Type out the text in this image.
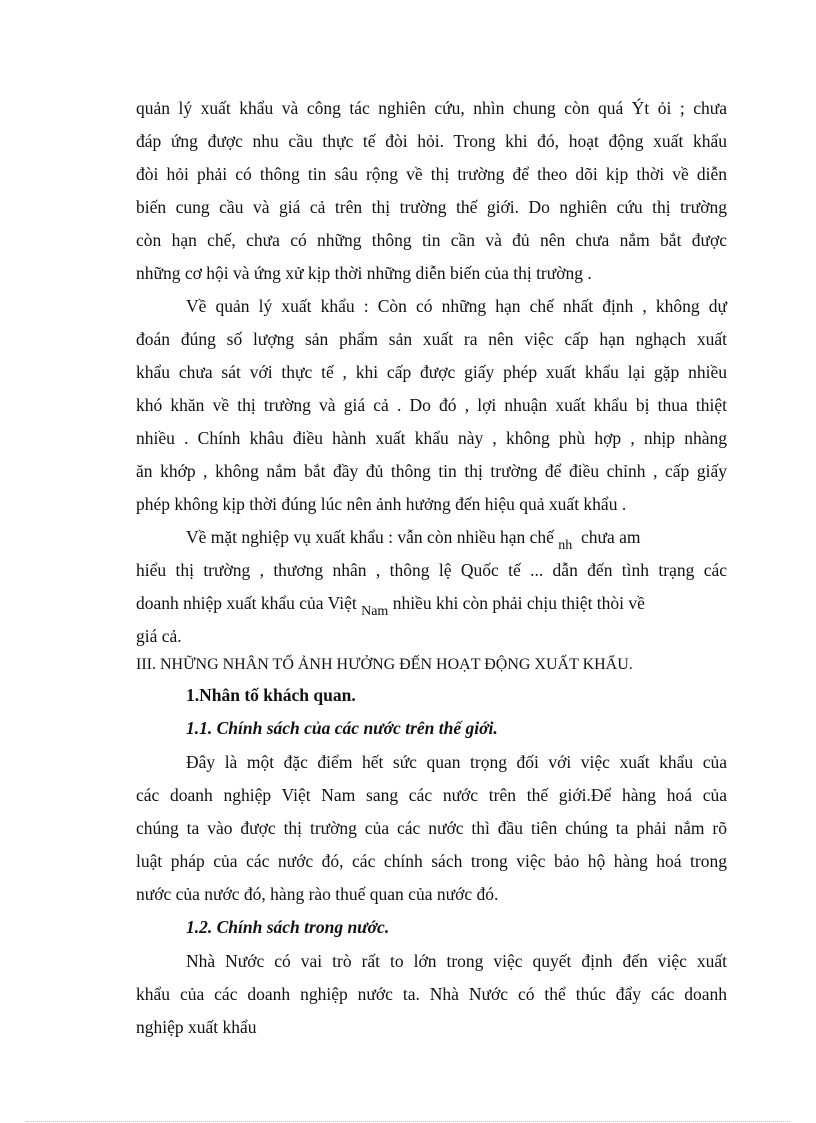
quản lý xuất khẩu và công tác nghiên cứu, nhìn chung còn quá Ýt ỏi ; chưa

đáp ứng được nhu cầu thực tế đòi hỏi. Trong khi đó, hoạt động xuất khẩu

đòi hỏi phải có thông tin sâu rộng về thị trường để theo dõi kịp thời về diễn

biến cung cầu và giá cả trên thị trường thế giới. Do nghiên cứu thị trường

còn hạn chế, chưa có những thông tin cần và đủ nên chưa nắm bắt được

những cơ hội và ứng xử kịp thời những diễn biến của thị trường .

Về quản lý xuất khẩu : Còn có những hạn chế nhất định , không dự

đoán đúng số lượng sản phẩm sản xuất ra nên việc cấp hạn nghạch xuất

khẩu chưa sát với thực tế , khi cấp được giấy phép xuất khẩu lại gặp nhiều

khó khăn về thị trường và giá cả . Do đó , lợi nhuận xuất khẩu bị thua thiệt

nhiều . Chính khâu điều hành xuất khẩu này , không phù hợp , nhịp nhàng

ăn khớp , không nắm bắt đầy đủ thông tin thị trường để điều chỉnh , cấp giấy

phép không kịp thời đúng lúc nên ảnh hưởng đến hiệu quả xuất khẩu .

Về mặt nghiệp vụ xuất khẩu : vẫn còn nhiều hạn chế $_{nh}$ chưa am

hiểu thị trường , thương nhân , thông lệ Quốc tế ... dẫn đến tình trạng các

doanh nhiệp xuất khẩu của Việt $_{Nam}$ nhiều khi còn phải chịu thiệt thòi về

giá cả.

III. NHỮNG NHÂN TỐ ẢNH HƯỞNG ĐẾN HOẠT ĐỘNG XUẤT KHẨU.

1.Nhân tố khách quan.

1.1. Chính sách của các nước trên thế giới.

Đây là một đặc điểm hết sức quan trọng đối với việc xuất khẩu của

các doanh nghiệp Việt Nam sang các nước trên thế giới.Để hàng hoá của

chúng ta vào được thị trường của các nước thì đầu tiên chúng ta phải nắm rõ

luật pháp của các nước đó, các chính sách trong việc bảo hộ hàng hoá trong

nước của nước đó, hàng rào thuế quan của nước đó.

1.2. Chính sách trong nước.

Nhà Nước có vai trò rất to lớn trong việc quyết định đến việc xuất

khẩu của các doanh nghiệp nước ta. Nhà Nước có thể thúc đẩy các doanh

nghiệp xuất khẩu
